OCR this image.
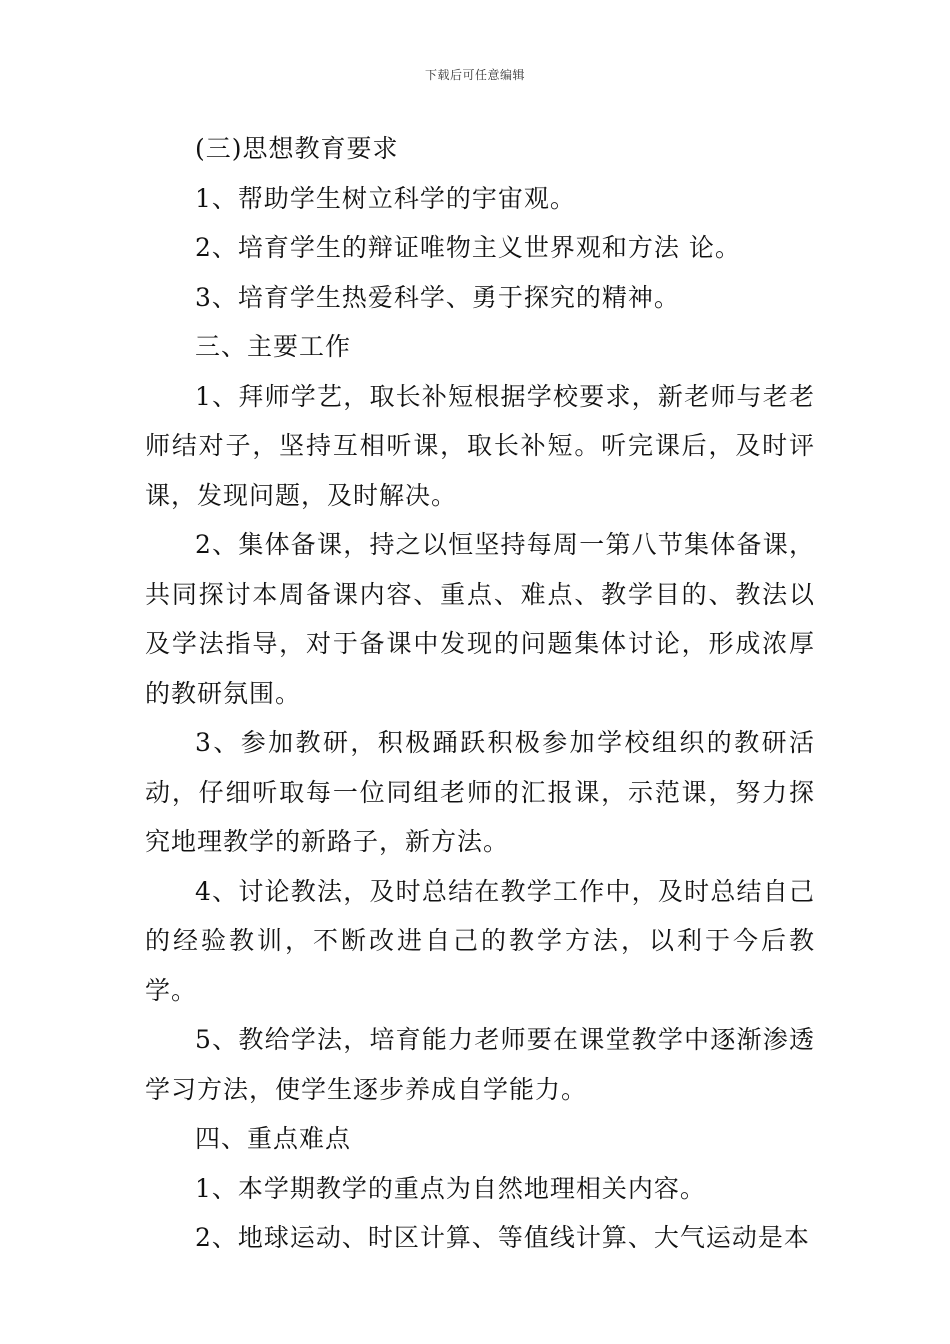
下载后可任意编辑

(三)思想教育要求

1、帮助学生树立科学的宇宙观。

2、培育学生的辩证唯物主义世界观和方法 论。

3、培育学生热爱科学、勇于探究的精神。

三、主要工作

1、拜师学艺，取长补短根据学校要求，新老师与老老师结对子，坚持互相听课，取长补短。听完课后，及时评课，发现问题，及时解决。

2、集体备课，持之以恒坚持每周一第八节集体备课，共同探讨本周备课内容、重点、难点、教学目的、教法以及学法指导，对于备课中发现的问题集体讨论，形成浓厚的教研氛围。

3、参加教研，积极踊跃积极参加学校组织的教研活动，仔细听取每一位同组老师的汇报课，示范课，努力探究地理教学的新路子，新方法。

4、讨论教法，及时总结在教学工作中，及时总结自己的经验教训，不断改进自己的教学方法，以利于今后教学。

5、教给学法，培育能力老师要在课堂教学中逐渐渗透学习方法，使学生逐步养成自学能力。

四、重点难点

1、本学期教学的重点为自然地理相关内容。

2、地球运动、时区计算、等值线计算、大气运动是本
